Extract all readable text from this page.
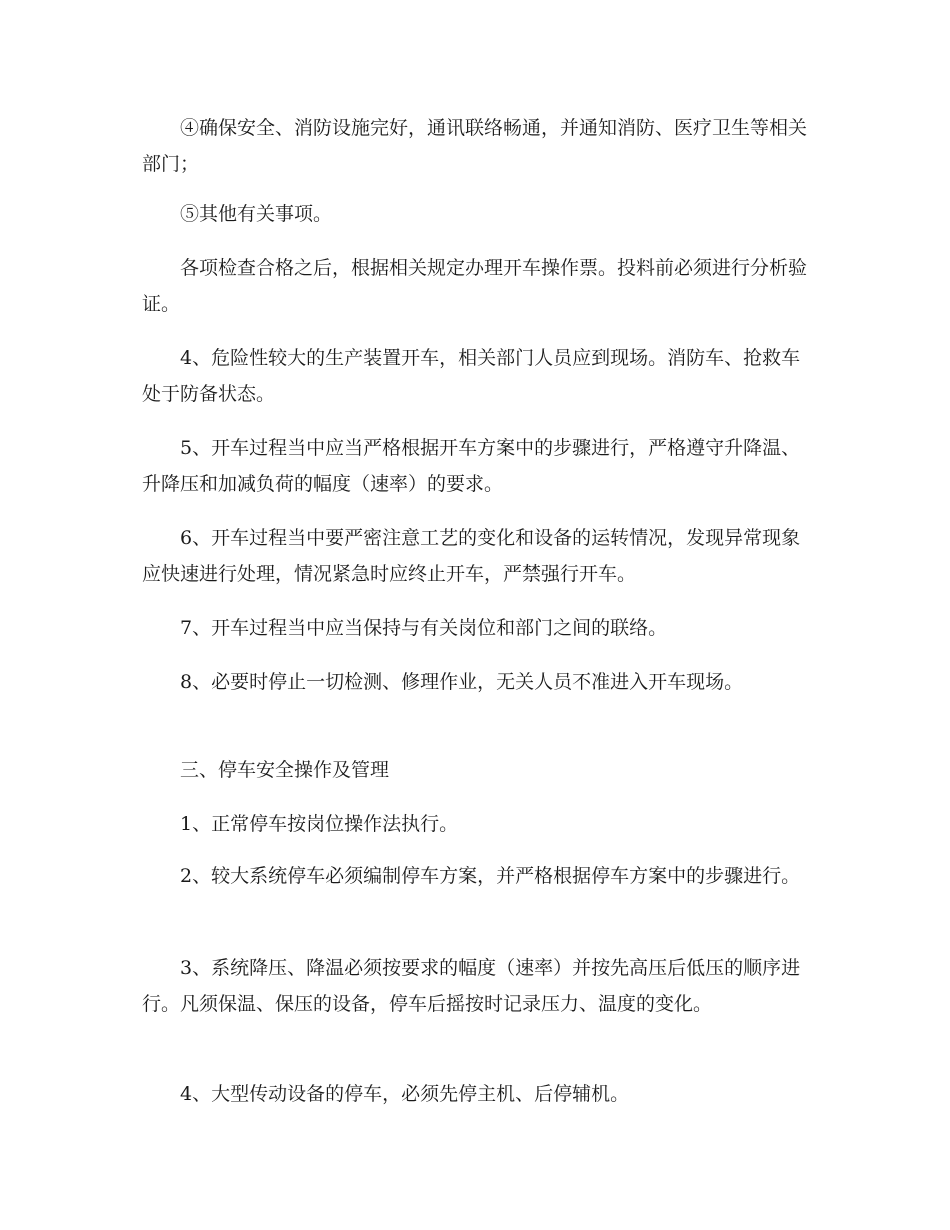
　　④确保安全、消防设施完好，通讯联络畅通，并通知消防、医疗卫生等相关部门；

　　⑤其他有关事项。

　　各项检查合格之后，根据相关规定办理开车操作票。投料前必须进行分析验证。

　　4、危险性较大的生产装置开车，相关部门人员应到现场。消防车、抢救车处于防备状态。

　　5、开车过程当中应当严格根据开车方案中的步骤进行，严格遵守升降温、升降压和加减负荷的幅度（速率）的要求。

　　6、开车过程当中要严密注意工艺的变化和设备的运转情况，发现异常现象应快速进行处理，情况紧急时应终止开车，严禁强行开车。

　　7、开车过程当中应当保持与有关岗位和部门之间的联络。

　　8、必要时停止一切检测、修理作业，无关人员不准进入开车现场。

　　三、停车安全操作及管理

　　1、正常停车按岗位操作法执行。

　　2、较大系统停车必须编制停车方案，并严格根据停车方案中的步骤进行。

　　3、系统降压、降温必须按要求的幅度（速率）并按先高压后低压的顺序进行。凡须保温、保压的设备，停车后摇按时记录压力、温度的变化。

　　4、大型传动设备的停车，必须先停主机、后停辅机。
